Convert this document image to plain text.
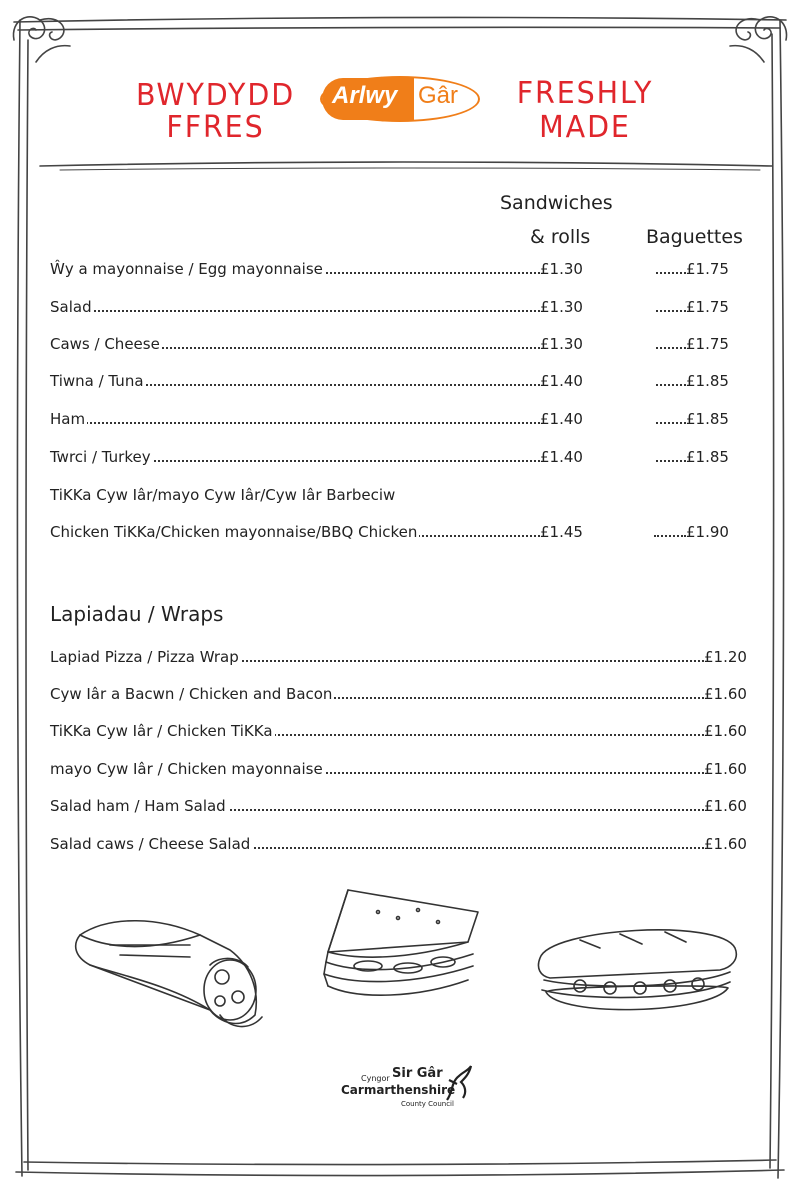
BWYDYDD
FFRES
Arlwy Gâr FRESHLY
MADE
Sandwiches
& rolls	Baguettes
Ŵy a mayonnaise / Egg mayonnaise	£1.30	£1.75
Salad	£1.30	£1.75
Caws / Cheese	£1.30	£1.75
Tiwna / Tuna	£1.40	£1.85
Ham	£1.40	£1.85
Twrci / Turkey	£1.40	£1.85
TiKKa Cyw Iâr/mayo Cyw Iâr/Cyw Iâr Barbeciw
Chicken TiKKa/Chicken mayonnaise/BBQ Chicken	£1.45	£1.90
Lapiadau / Wraps
Lapiad Pizza / Pizza Wrap	£1.20
Cyw Iâr a Bacwn / Chicken and Bacon	£1.60
TiKKa Cyw Iâr / Chicken TiKKa	£1.60
mayo Cyw Iâr / Chicken mayonnaise	£1.60
Salad ham / Ham Salad	£1.60
Salad caws / Cheese Salad	£1.60
Cyngor Sir Gâr
Carmarthenshire
County Council
